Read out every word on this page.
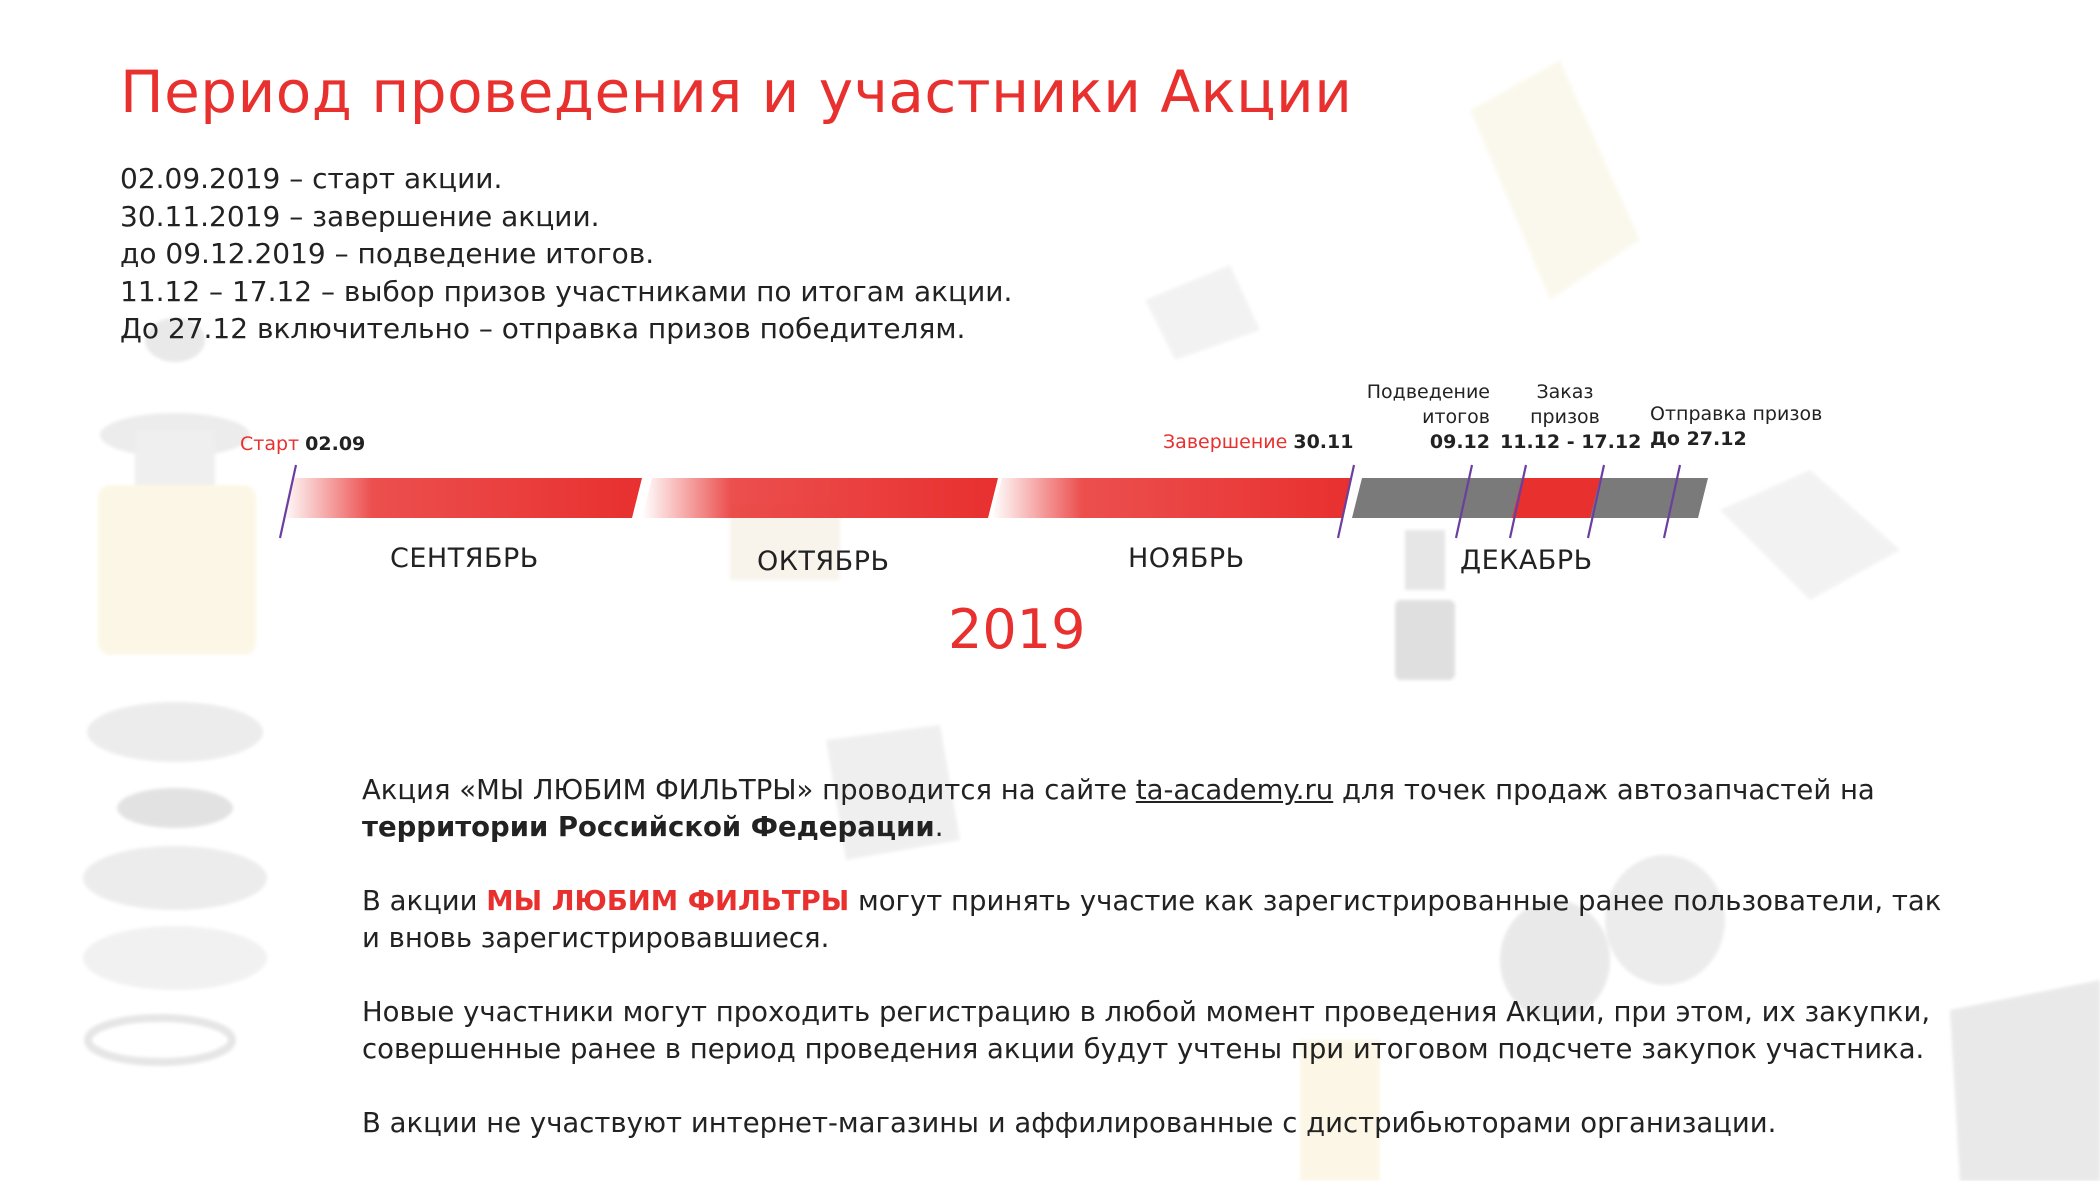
Период проведения и участники Акции
02.09.2019 – старт акции.
30.11.2019 – завершение акции.
до 09.12.2019 – подведение итогов.
11.12 – 17.12 – выбор призов участниками по итогам акции.
До 27.12 включительно – отправка призов победителям.
Старт 02.09	Завершение 30.11
Подведение
итогов
09.12
Заказ
призов
11.12 - 17.12
Отправка призов
До 27.12
СЕНТЯБРЬ	ОКТЯБРЬ	НОЯБРЬ	ДЕКАБРЬ
2019

Акция «МЫ ЛЮБИМ ФИЛЬТРЫ» проводится на сайте ta-academy.ru для точек продаж автозапчастей на территории Российской Федерации.

В акции МЫ ЛЮБИМ ФИЛЬТРЫ могут принять участие как зарегистрированные ранее пользователи, так и вновь зарегистрировавшиеся.

Новые участники могут проходить регистрацию в любой момент проведения Акции, при этом, их закупки, совершенные ранее в период проведения акции будут учтены при итоговом подсчете закупок участника.

В акции не участвуют интернет-магазины и аффилированные с дистрибьюторами организации.
